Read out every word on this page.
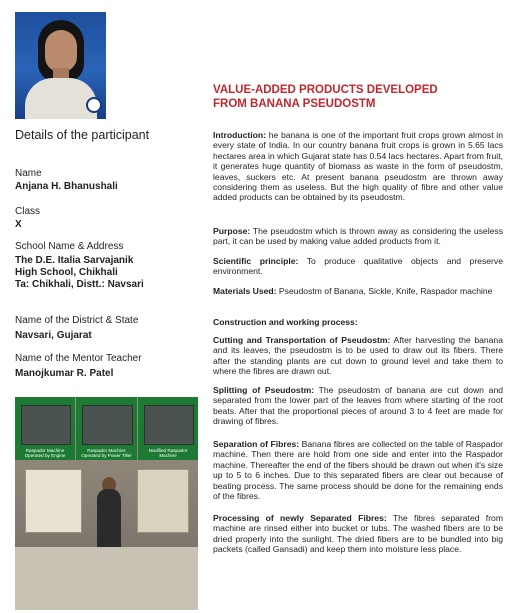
VALUE-ADDED PRODUCTS DEVELOPED
FROM BANANA PSEUDOSTM
Details of the participant
Name
Anjana H. Bhanushali
Class
X
School Name & Address
The D.E. Italia Sarvajanik
High School, Chikhali
Ta: Chikhali, Distt.: Navsari
Name of the District & State
Navsari, Gujarat
Name of the Mentor Teacher
Manojkumar R. Patel
Raspador Machine
Operated by Engine
Raspador Machine
Operated by Power Tiller
Modified Raspador
Machine

Introduction: he banana is one of the important fruit crops grown almost in every state of India. In our country banana fruit crops is grown in 5.65 lacs hectares area in which Gujarat state has 0.54 lacs hectares. Apart from fruit, it generates huge quantity of biomass as waste in the form of pseudostm, leaves, suckers etc. At present banana pseudostm are thrown away considering them as useless. But the high quality of fibre and other value added products can be obtained by its pseudostm.

Purpose: The pseudostm which is thrown away as considering the useless part, it can be used by making value added products from it.

Scientific principle: To produce qualitative objects and preserve environment.

Materials Used: Pseudostm of Banana, Sickle, Knife, Raspador machine

Construction and working process:

Cutting and Transportation of Pseudostm: After harvesting the banana and its leaves, the pseudostm is to be used to draw out its fibers. There after the standing plants are cut down to ground level and take them to where the fibres are drawn out.

Splitting of Pseudostm: The pseudostm of banana are cut down and separated from the lower part of the leaves from where starting of the root beats. After that the proportional pieces of around 3 to 4 feet are made for drawing of fibres.

Separation of Fibres: Banana fibres are collected on the table of Raspador machine. Then there are hold from one side and enter into the Raspador machine. Thereafter the end of the fibers should be drawn out when it's size up to 5 to 6 inches. Due to this separated fibers are clear out because of beating process. The same process should be done for the remaining ends of the fibres.

Processing of newly Separated Fibres: The fibres separated from machine are rinsed either into bucket or tubs. The washed fibers are to be dried properly into the sunlight. The dried fibers are to be bundled into big packets (called Gansadi) and keep them into moisture less place.
